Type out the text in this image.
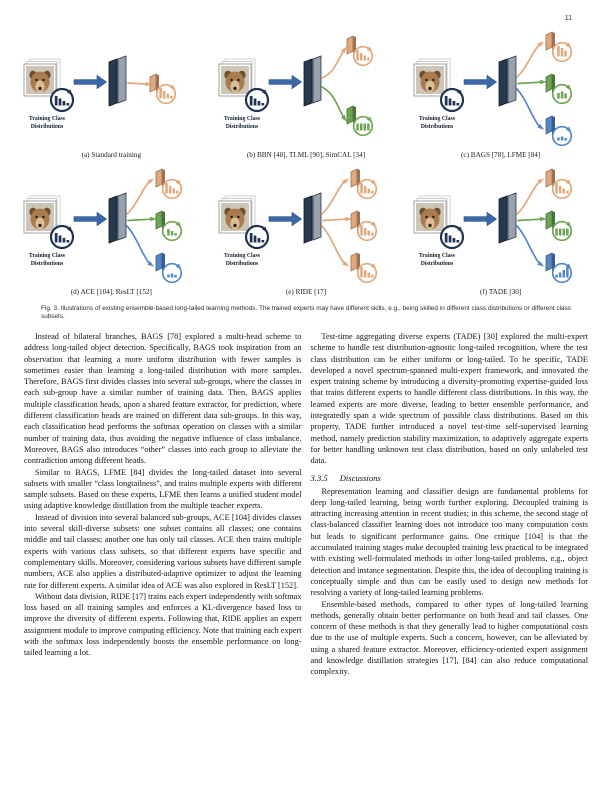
11
Training Class
Distributions
(a) Standard training
Training Class
Distributions
(b) BBN [48], TLML [90], SimCAL [34]
Training Class
Distributions
(c) BAGS [78], LFME [84]
Training Class
Distributions
(d) ACE [104], ResLT [152]
Training Class
Distributions
(e) RIDE [17]
Training Class
Distributions
(f) TADE [30]

Fig. 3. Illustrations of existing ensemble-based long-tailed learning methods. The trained experts may have different skills, e.g., being skilled in different class distributions or different class subsets.

Instead of bilateral branches, BAGS [78] explored a multi-head scheme to address long-tailed object detection. Specifically, BAGS took inspiration from an observation that learning a more uniform distribution with fewer samples is sometimes easier than learning a long-tailed distribution with more samples. Therefore, BAGS first divides classes into several sub-groups, where the classes in each sub-group have a similar number of training data. Then, BAGS applies multiple classification heads, upon a shared feature extractor, for prediction, where different classification heads are trained on different data sub-groups. In this way, each classification head performs the softmax operation on classes with a similar number of training data, thus avoiding the negative influence of class imbalance. Moreover, BAGS also introduces “other” classes into each group to alleviate the contradiction among different heads.

Similar to BAGS, LFME [84] divides the long-tailed dataset into several subsets with smaller “class longtailness”, and trains multiple experts with different sample subsets. Based on these experts, LFME then learns a unified student model using adaptive knowledge distillation from the multiple teacher experts.

Instead of division into several balanced sub-groups, ACE [104] divides classes into several skill-diverse subsets: one subset contains all classes; one contains middle and tail classes; another one has only tail classes. ACE then trains multiple experts with various class subsets, so that different experts have specific and complementary skills. Moreover, considering various subsets have different sample numbers, ACE also applies a distributed-adaptive optimizer to adjust the learning rate for different experts. A similar idea of ACE was also explored in ResLT [152].

Without data division, RIDE [17] trains each expert independently with softmax loss based on all training samples and enforces a KL-divergence based loss to improve the diversity of different experts. Following that, RIDE applies an expert assignment module to improve computing efficiency. Note that training each expert with the softmax loss independently boosts the ensemble performance on long-tailed learning a lot.

Test-time aggregating diverse experts (TADE) [30] explored the multi-expert scheme to handle test distribution-agnostic long-tailed recognition, where the test class distribution can be either uniform or long-tailed. To be specific, TADE developed a novel spectrum-spanned multi-expert framework, and innovated the expert training scheme by introducing a diversity-promoting expertise-guided loss that trains different experts to handle different class distributions. In this way, the learned experts are more diverse, leading to better ensemble performance, and integratedly span a wide spectrum of possible class distributions. Based on this property, TADE further introduced a novel test-time self-supervised learning method, namely prediction stability maximization, to adaptively aggregate experts for better handling unknown test class distribution, based on only unlabeled test data.

3.3.5 Discussions

Representation learning and classifier design are fundamental problems for deep long-tailed learning, being worth further exploring. Decoupled training is attracting increasing attention in recent studies; in this scheme, the second stage of class-balanced classifier learning does not introduce too many computation costs but leads to significant performance gains. One critique [104] is that the accumulated training stages make decoupled training less practical to be integrated with existing well-formulated methods in other long-tailed problems, e.g., object detection and instance segmentation. Despite this, the idea of decoupling training is conceptually simple and thus can be easily used to design new methods for resolving a variety of long-tailed learning problems.

Ensemble-based methods, compared to other types of long-tailed learning methods, generally obtain better performance on both head and tail classes. One concern of these methods is that they generally lead to higher computational costs due to the use of multiple experts. Such a concern, however, can be alleviated by using a shared feature extractor. Moreover, efficiency-oriented expert assignment and knowledge distillation strategies [17], [84] can also reduce computational complexity.
